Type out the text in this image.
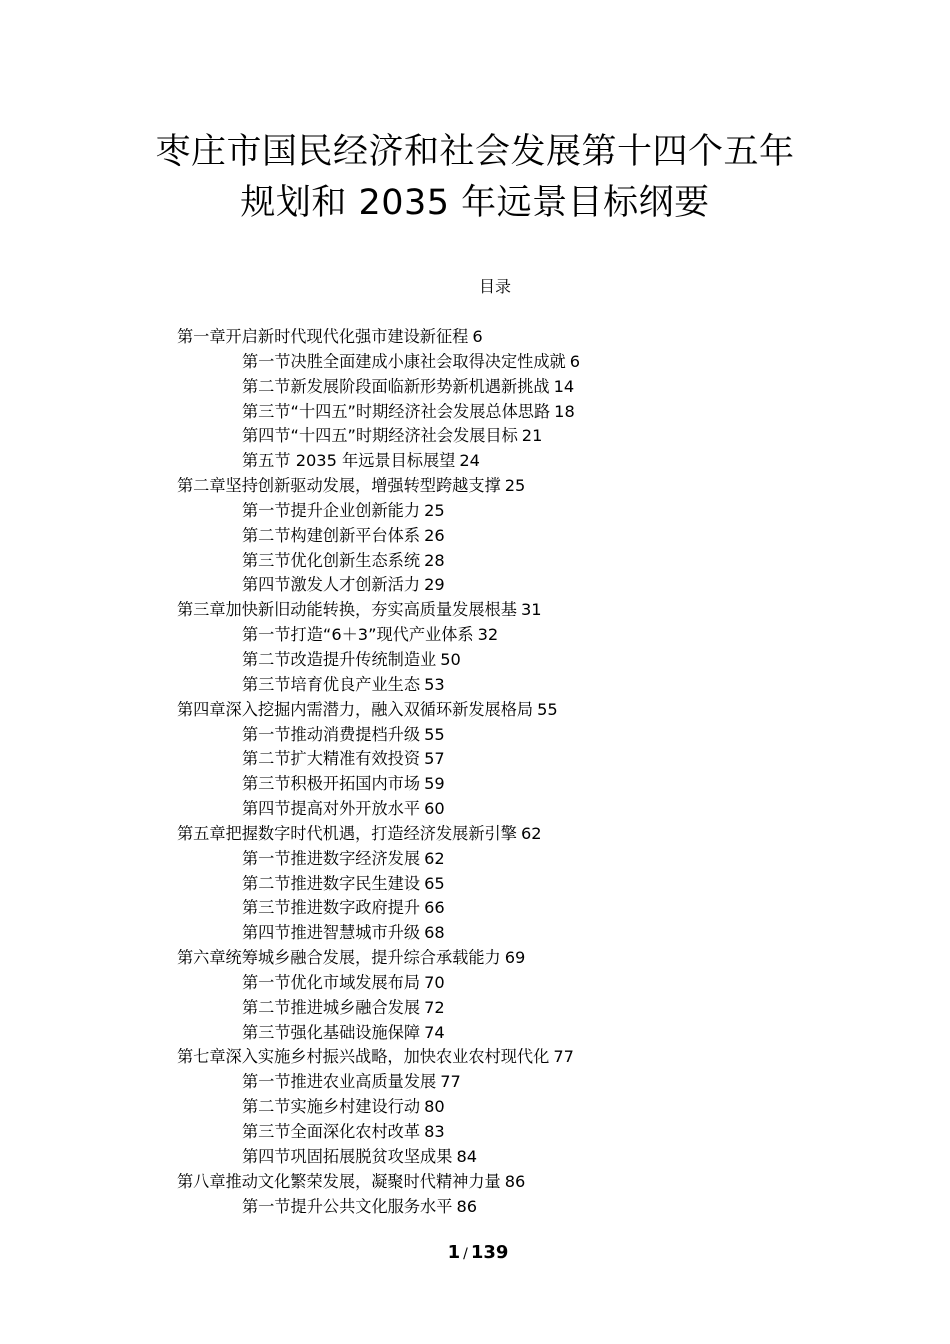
枣庄市国民经济和社会发展第十四个五年
规划和 2035 年远景目标纲要
目录
第一章开启新时代现代化强市建设新征程 6
第一节决胜全面建成小康社会取得决定性成就 6
第二节新发展阶段面临新形势新机遇新挑战 14
第三节“十四五”时期经济社会发展总体思路 18
第四节“十四五”时期经济社会发展目标 21
第五节 2035 年远景目标展望 24
第二章坚持创新驱动发展，增强转型跨越支撑 25
第一节提升企业创新能力 25
第二节构建创新平台体系 26
第三节优化创新生态系统 28
第四节激发人才创新活力 29
第三章加快新旧动能转换，夯实高质量发展根基 31
第一节打造“6＋3”现代产业体系 32
第二节改造提升传统制造业 50
第三节培育优良产业生态 53
第四章深入挖掘内需潜力，融入双循环新发展格局 55
第一节推动消费提档升级 55
第二节扩大精准有效投资 57
第三节积极开拓国内市场 59
第四节提高对外开放水平 60
第五章把握数字时代机遇，打造经济发展新引擎 62
第一节推进数字经济发展 62
第二节推进数字民生建设 65
第三节推进数字政府提升 66
第四节推进智慧城市升级 68
第六章统筹城乡融合发展，提升综合承载能力 69
第一节优化市域发展布局 70
第二节推进城乡融合发展 72
第三节强化基础设施保障 74
第七章深入实施乡村振兴战略，加快农业农村现代化 77
第一节推进农业高质量发展 77
第二节实施乡村建设行动 80
第三节全面深化农村改革 83
第四节巩固拓展脱贫攻坚成果 84
第八章推动文化繁荣发展，凝聚时代精神力量 86
第一节提升公共文化服务水平 86
1 / 139
